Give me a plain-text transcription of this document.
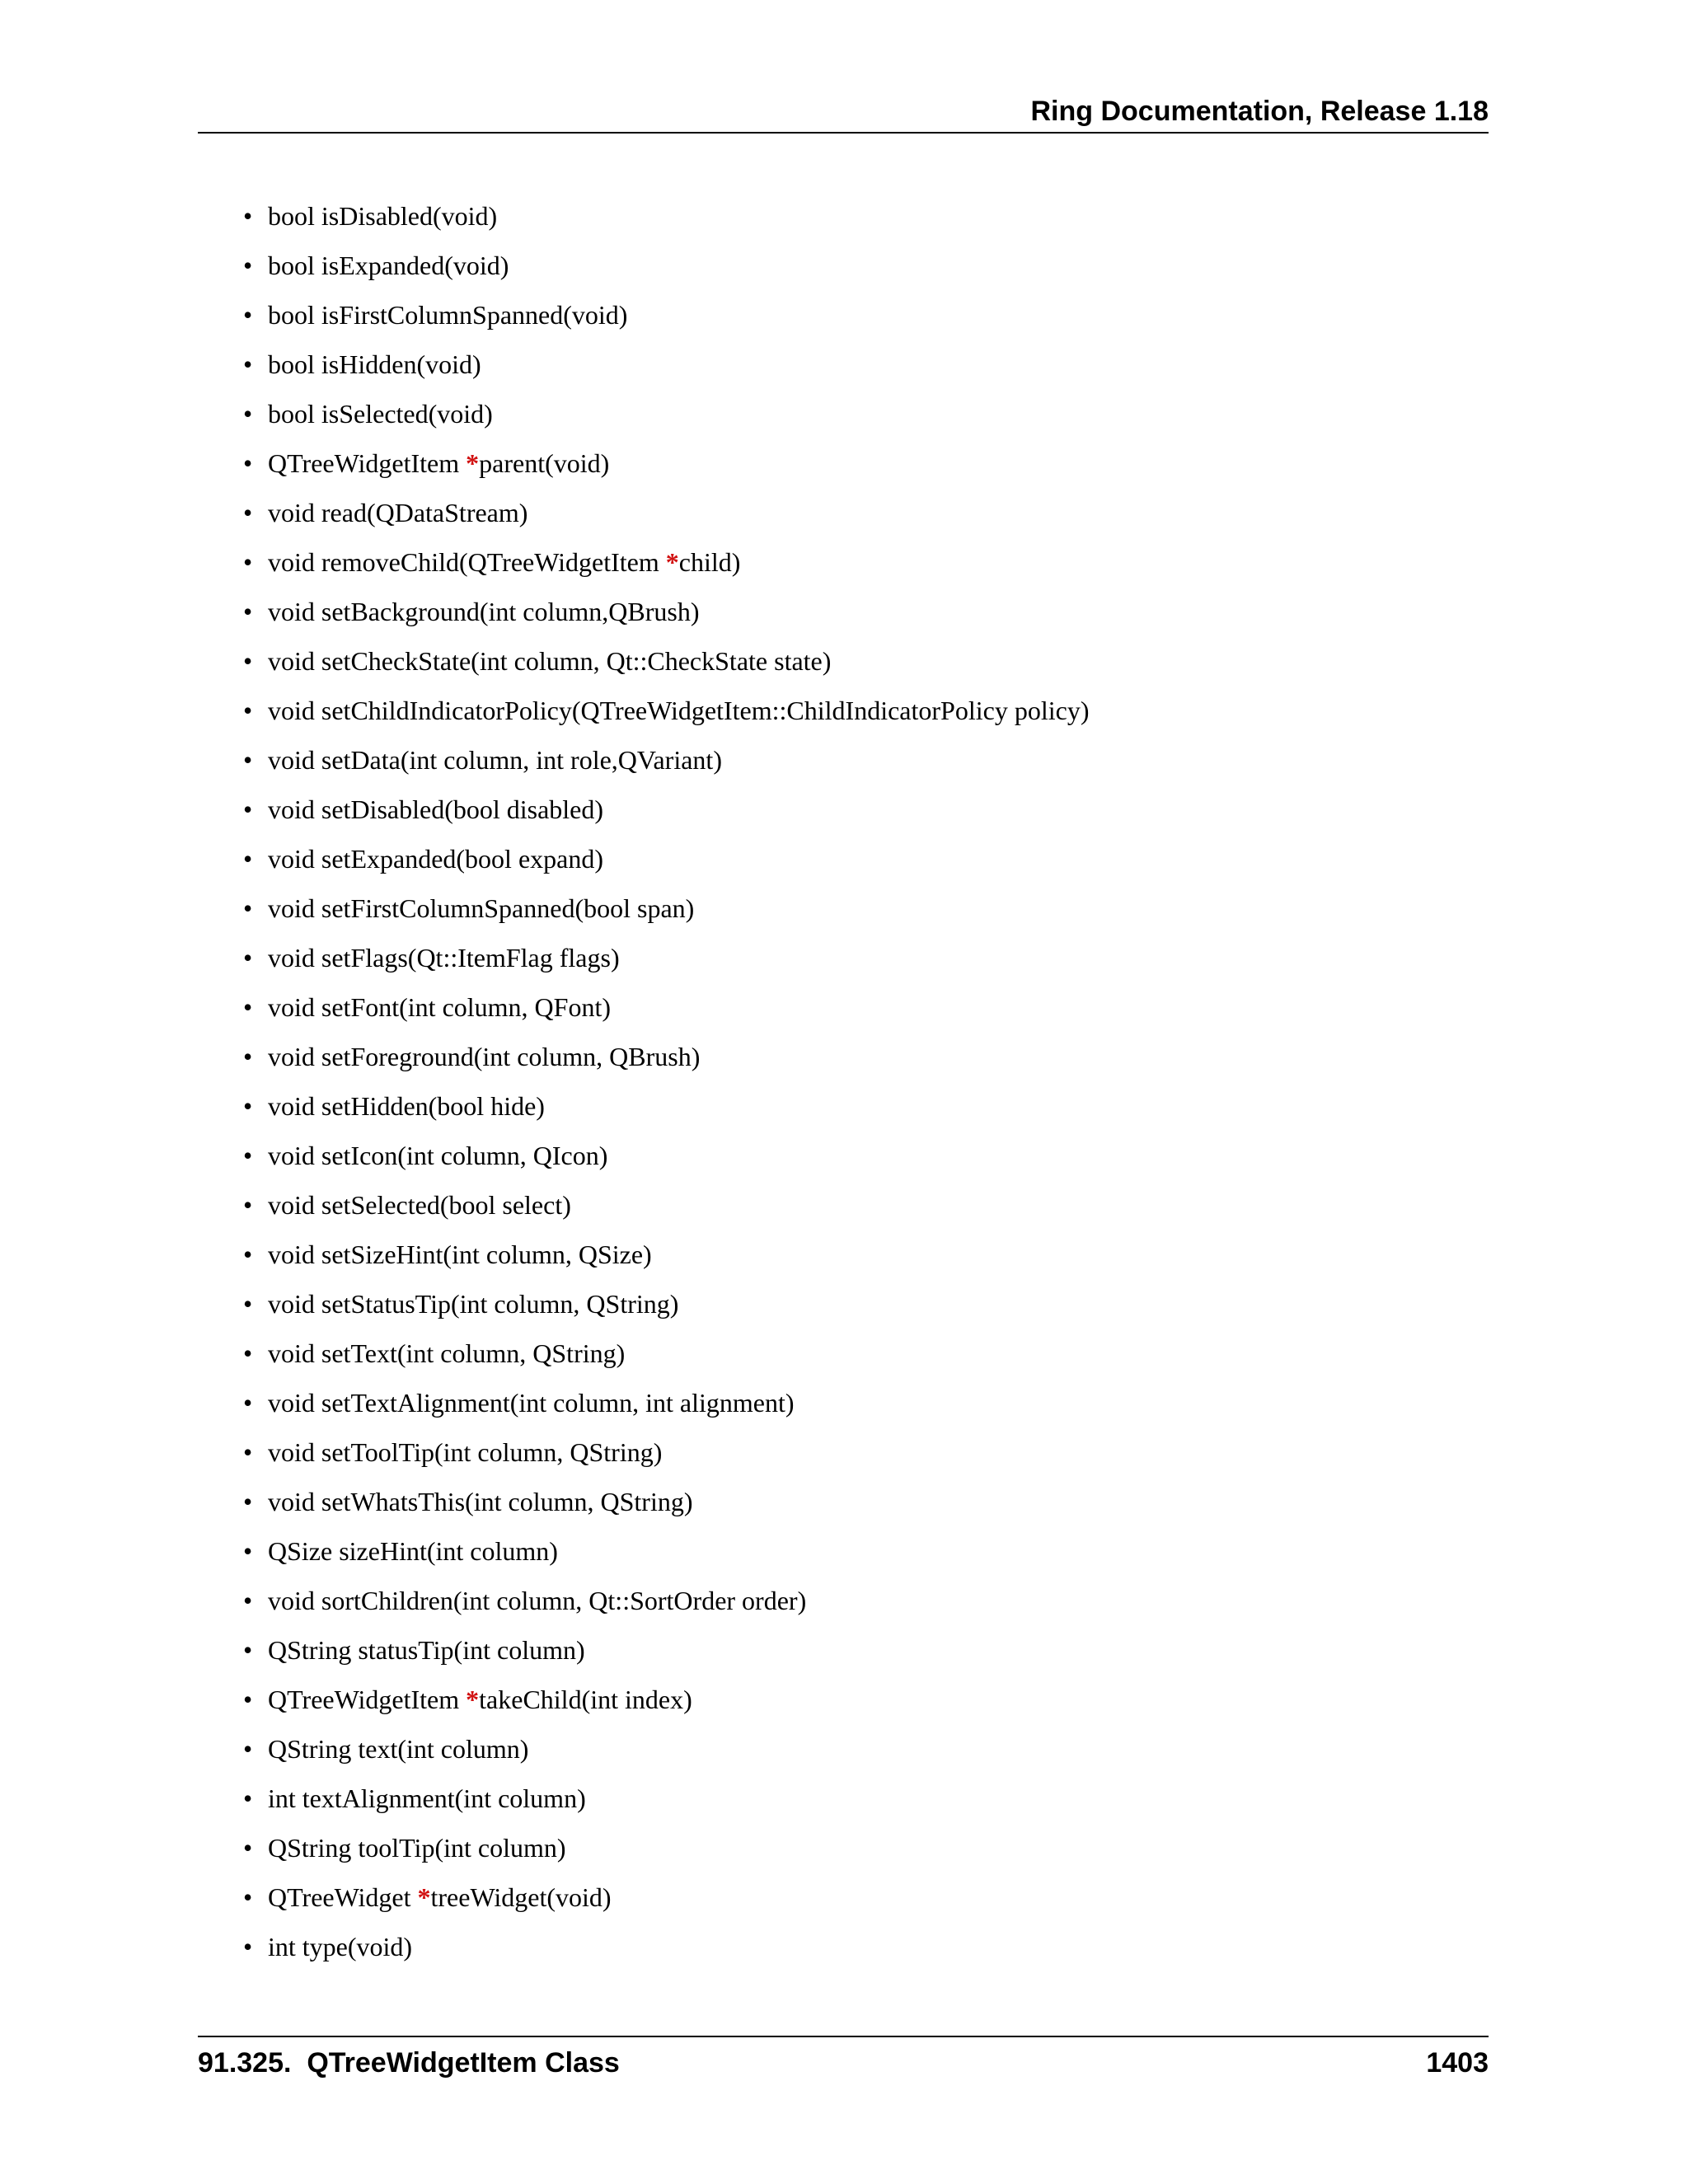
Ring Documentation, Release 1.18
• bool isDisabled(void)
• bool isExpanded(void)
• bool isFirstColumnSpanned(void)
• bool isHidden(void)
• bool isSelected(void)
• QTreeWidgetItem *parent(void)
• void read(QDataStream)
• void removeChild(QTreeWidgetItem *child)
• void setBackground(int column,QBrush)
• void setCheckState(int column, Qt::CheckState state)
• void setChildIndicatorPolicy(QTreeWidgetItem::ChildIndicatorPolicy policy)
• void setData(int column, int role,QVariant)
• void setDisabled(bool disabled)
• void setExpanded(bool expand)
• void setFirstColumnSpanned(bool span)
• void setFlags(Qt::ItemFlag flags)
• void setFont(int column, QFont)
• void setForeground(int column, QBrush)
• void setHidden(bool hide)
• void setIcon(int column, QIcon)
• void setSelected(bool select)
• void setSizeHint(int column, QSize)
• void setStatusTip(int column, QString)
• void setText(int column, QString)
• void setTextAlignment(int column, int alignment)
• void setToolTip(int column, QString)
• void setWhatsThis(int column, QString)
• QSize sizeHint(int column)
• void sortChildren(int column, Qt::SortOrder order)
• QString statusTip(int column)
• QTreeWidgetItem *takeChild(int index)
• QString text(int column)
• int textAlignment(int column)
• QString toolTip(int column)
• QTreeWidget *treeWidget(void)
• int type(void)
91.325.  QTreeWidgetItem Class	1403
